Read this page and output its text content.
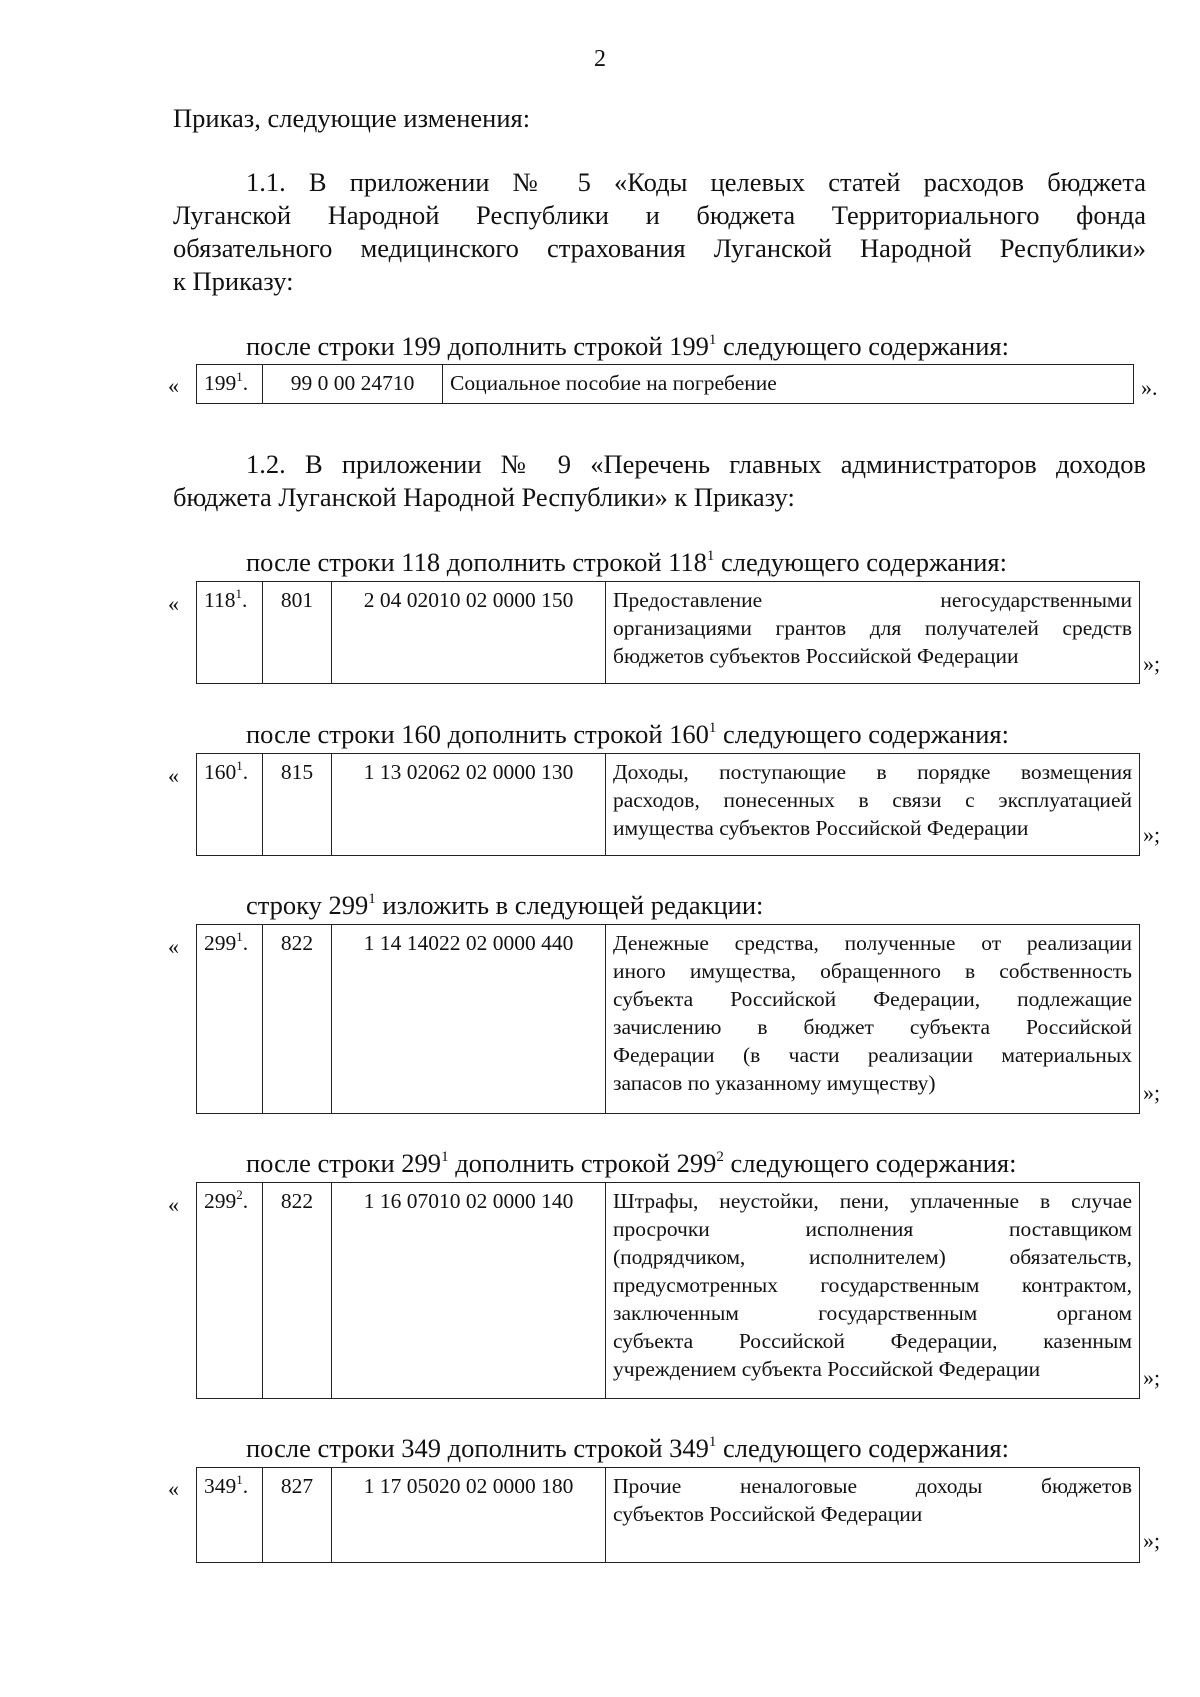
2
Приказ, следующие изменения:
1.1. В приложении № 5 «Коды целевых статей расходов бюджета
Луганской Народной Республики и бюджета Территориального фонда
обязательного медицинского страхования Луганской Народной Республики»
к Приказу:
после строки 199 дополнить строкой $199^1$ следующего содержания:
« $199^1$.	99 0 00 24710	Социальное пособие на погребение	».
1.2. В приложении № 9 «Перечень главных администраторов доходов
бюджета Луганской Народной Республики» к Приказу:
после строки 118 дополнить строкой $118^1$ следующего содержания:
« $118^1$.	801	2 04 02010 02 0000 150	Предоставление негосударственными
организациями грантов для получателей средств
бюджетов субъектов Российской Федерации	»;
после строки 160 дополнить строкой $160^1$ следующего содержания:
« $160^1$.	815	1 13 02062 02 0000 130	Доходы, поступающие в порядке возмещения
расходов, понесенных в связи с эксплуатацией
имущества субъектов Российской Федерации	»;
строку $299^1$ изложить в следующей редакции:
« $299^1$.	822	1 14 14022 02 0000 440	Денежные средства, полученные от реализации
иного имущества, обращенного в собственность
субъекта Российской Федерации, подлежащие
зачислению в бюджет субъекта Российской
Федерации (в части реализации материальных
запасов по указанному имуществу)	»;
после строки $299^1$ дополнить строкой $299^2$ следующего содержания:
« $299^2$.	822	1 16 07010 02 0000 140	Штрафы, неустойки, пени, уплаченные в случае
просрочки исполнения поставщиком
(подрядчиком, исполнителем) обязательств,
предусмотренных государственным контрактом,
заключенным государственным органом
субъекта Российской Федерации, казенным
учреждением субъекта Российской Федерации	»;
после строки 349 дополнить строкой $349^1$ следующего содержания:
« $349^1$.	827	1 17 05020 02 0000 180	Прочие неналоговые доходы бюджетов
субъектов Российской Федерации
»;
